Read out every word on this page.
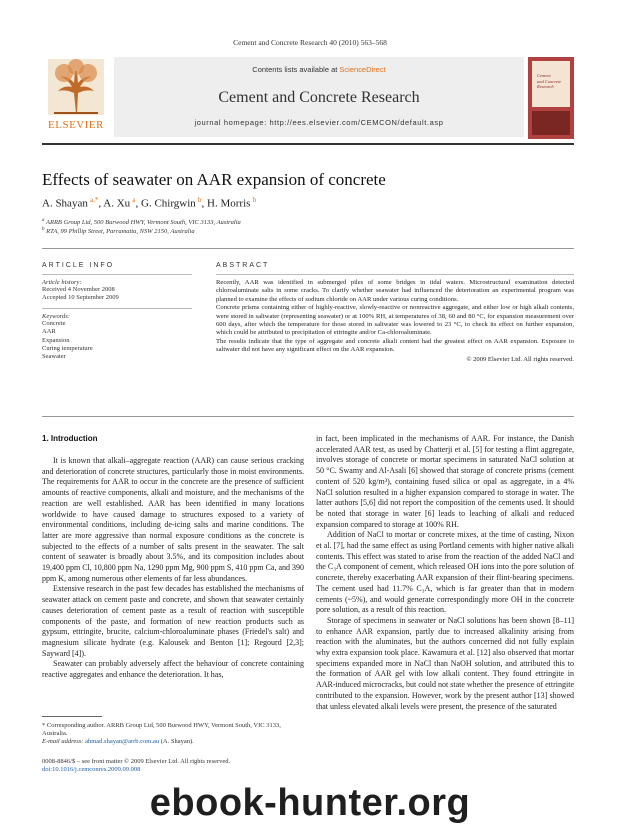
Cement and Concrete Research 40 (2010) 563–568
ELSEVIER
Contents lists available at ScienceDirect
Cement and Concrete Research
journal homepage: http://ees.elsevier.com/CEMCON/default.asp
Cement
and Concrete
Research
Effects of seawater on AAR expansion of concrete
A. Shayan  $^{a,*}$, A. Xu  $^a$, G. Chirgwin  $^b$, H. Morris  $^b$
$^a$ ARRB Group Ltd, 500 Burwood HWY, Vermont South, VIC 3133, Australia
$^b$ RTA, 99 Phillip Street, Parramatta, NSW 2150, Australia
ARTICLE INFO
Article history:
Received 4 November 2008
Accepted 10 September 2009
Keywords:
Concrete
AAR
Expansion
Curing temperature
Seawater
ABSTRACT

Recently, AAR was identified in submerged piles of some bridges in tidal waters. Microstructural examination detected chloroaluminate salts in some cracks. To clarify whether seawater had influenced the deterioration an experimental program was planned to examine the effects of sodium chloride on AAR under various curing conditions.

Concrete prisms containing either of highly-reactive, slowly-reactive or nonreactive aggregate, and either low or high alkali contents, were stored in saltwater (representing seawater) or at 100% RH, at temperatures of 38, 60 and 80 °C, for expansion measurement over 600 days, after which the temperature for those stored in saltwater was lowered to 23 °C, to check its effect on further expansion, which could be attributed to precipitation of ettringite and/or Ca-chloroaluminate.

The results indicate that the type of aggregate and concrete alkali content had the greatest effect on AAR expansion. Exposure to saltwater did not have any significant effect on the AAR expansion.

© 2009 Elsevier Ltd. All rights reserved.
1. Introduction

It is known that alkali–aggregate reaction (AAR) can cause serious cracking and deterioration of concrete structures, particularly those in moist environments. The requirements for AAR to occur in the concrete are the presence of sufficient amounts of reactive components, alkali and moisture, and the mechanisms of the reaction are well established. AAR has been identified in many locations worldwide to have caused damage to structures exposed to a variety of environmental conditions, including de-icing salts and marine conditions. The latter are more aggressive than normal exposure conditions as the concrete is subjected to the effects of a number of salts present in the seawater. The salt content of seawater is broadly about 3.5%, and its composition includes about 19,400 ppm Cl, 10,800 ppm Na, 1290 ppm Mg, 900 ppm S, 410 ppm Ca, and 390 ppm K, among numerous other elements of far less abundances.

Extensive research in the past few decades has established the mechanisms of seawater attack on cement paste and concrete, and shown that seawater certainly causes deterioration of cement paste as a result of reaction with susceptible components of the paste, and formation of new reaction products such as gypsum, ettringite, brucite, calcium-chloroaluminate phases (Friedel's salt) and magnesium silicate hydrate (e.g. Kalousek and Benton [1]; Regourd [2,3]; Sayward [4]).

Seawater can probably adversely affect the behaviour of concrete containing reactive aggregates and enhance the deterioration. It has,

in fact, been implicated in the mechanisms of AAR. For instance, the Danish accelerated AAR test, as used by Chatterji et al. [5] for testing a flint aggregate, involves storage of concrete or mortar specimens in saturated NaCl solution at 50 °C. Swamy and Al-Asali [6] showed that storage of concrete prisms (cement content of 520 kg/m³), containing fused silica or opal as aggregate, in a 4% NaCl solution resulted in a higher expansion compared to storage in water. The latter authors [5,6] did not report the composition of the cements used. It should be noted that storage in water [6] leads to leaching of alkali and reduced expansion compared to storage at 100% RH.

Addition of NaCl to mortar or concrete mixes, at the time of casting, Nixon et al. [7], had the same effect as using Portland cements with higher native alkali contents. This effect was stated to arise from the reaction of the added NaCl and the C₃A component of cement, which released OH ions into the pore solution of concrete, thereby exacerbating AAR expansion of their flint-bearing specimens. The cement used had 11.7% C₃A, which is far greater than that in modern cements (~5%), and would generate correspondingly more OH in the concrete pore solution, as a result of this reaction.

Storage of specimens in seawater or NaCl solutions has been shown [8–11] to enhance AAR expansion, partly due to increased alkalinity arising from reaction with the aluminates, but the authors concerned did not fully explain why extra expansion took place. Kawamura et al. [12] also observed that mortar specimens expanded more in NaCl than NaOH solution, and attributed this to the formation of AAR gel with low alkali content. They found ettringite in AAR-induced microcracks, but could not state whether the presence of ettringite contributed to the expansion. However, work by the present author [13] showed that unless elevated alkali levels were present, the presence of the saturated

* Corresponding author. ARRB Group Ltd, 500 Burwood HWY, Vermont South, VIC 3133, Australia.
E-mail address: ahmad.shayan@arrb.com.au (A. Shayan).
0008-8846/$ – see front matter © 2009 Elsevier Ltd. All rights reserved.
doi:10.1016/j.cemconres.2009.09.008
ebook-hunter.org
